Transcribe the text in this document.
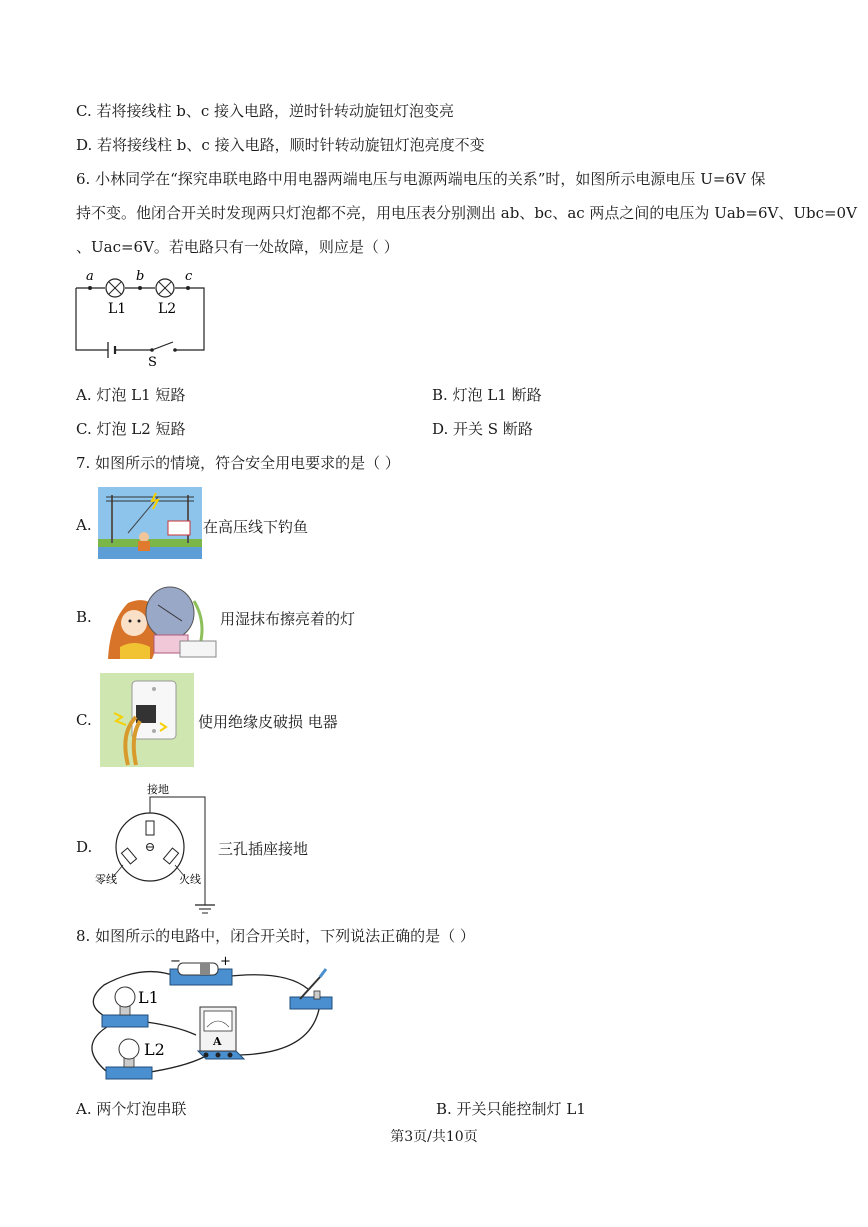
C. 若将接线柱 b、c 接入电路，逆时针转动旋钮灯泡变亮
D. 若将接线柱 b、c 接入电路，顺时针转动旋钮灯泡亮度不变
6. 小林同学在“探究串联电路中用电器两端电压与电源两端电压的关系”时，如图所示电源电压 U=6V 保
持不变。他闭合开关时发现两只灯泡都不亮，用电压表分别测出 ab、bc、ac 两点之间的电压为 Uab=6V、Ubc=0V
、Uac=6V。若电路只有一处故障，则应是（ ）
a	b	c
L1 L2
S
A. 灯泡 L1 短路	B. 灯泡 L1 断路
C. 灯泡 L2 短路	D. 开关 S 断路
7. 如图所示的情境，符合安全用电要求的是（ ）
A.	在高压线下钓鱼
B.	用湿抹布擦亮着的灯
C.	使用绝缘皮破损 电器
D.
接地
零线	火线
三孔插座接地
8. 如图所示的电路中，闭合开关时，下列说法正确的是（ ）
−	+
L1
L2	A
A. 两个灯泡串联	B. 开关只能控制灯 L1
第3页/共10页
